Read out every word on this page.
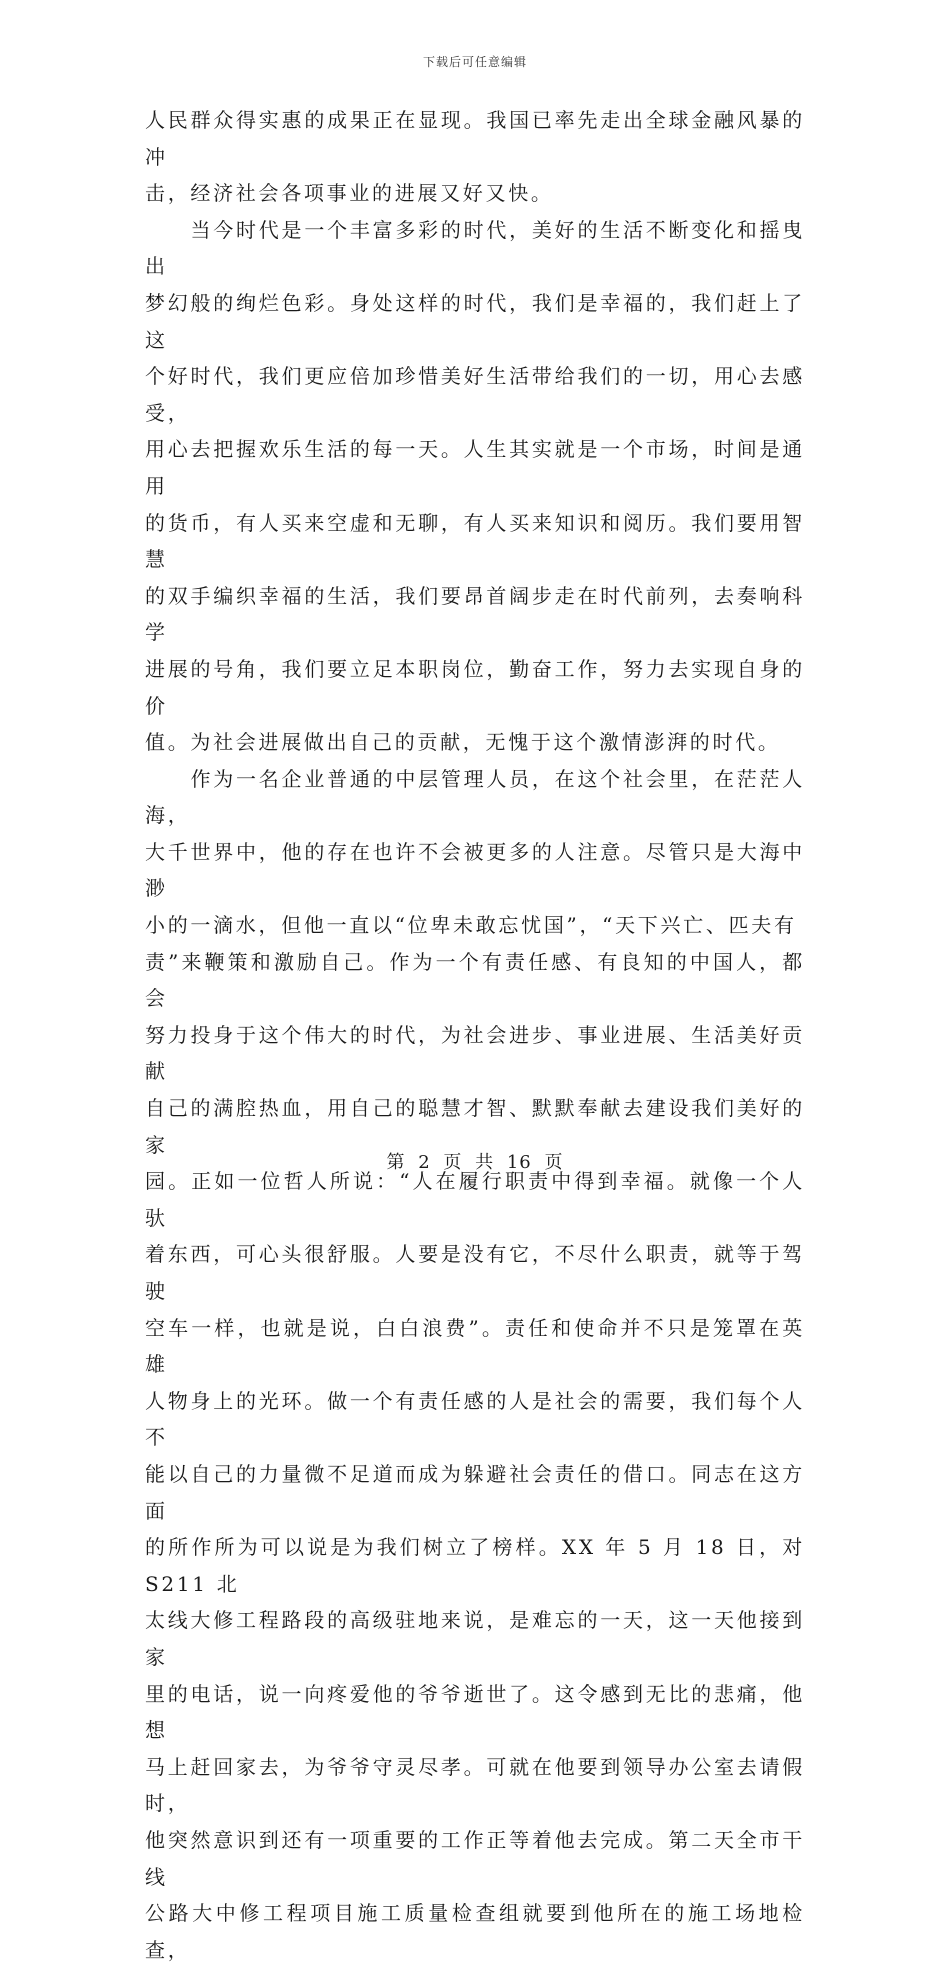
下载后可任意编辑

人民群众得实惠的成果正在显现。我国已率先走出全球金融风暴的冲
击，经济社会各项事业的进展又好又快。

　　当今时代是一个丰富多彩的时代，美好的生活不断变化和摇曳出
梦幻般的绚烂色彩。身处这样的时代，我们是幸福的，我们赶上了这
个好时代，我们更应倍加珍惜美好生活带给我们的一切，用心去感受，
用心去把握欢乐生活的每一天。人生其实就是一个市场，时间是通用
的货币，有人买来空虚和无聊，有人买来知识和阅历。我们要用智慧
的双手编织幸福的生活，我们要昂首阔步走在时代前列，去奏响科学
进展的号角，我们要立足本职岗位，勤奋工作，努力去实现自身的价
值。为社会进展做出自己的贡献，无愧于这个激情澎湃的时代。

　　作为一名企业普通的中层管理人员，在这个社会里，在茫茫人海，
大千世界中，他的存在也许不会被更多的人注意。尽管只是大海中渺
小的一滴水，但他一直以“位卑未敢忘忧国”，“天下兴亡、匹夫有
责”来鞭策和激励自己。作为一个有责任感、有良知的中国人，都会
努力投身于这个伟大的时代，为社会进步、事业进展、生活美好贡献
自己的满腔热血，用自己的聪慧才智、默默奉献去建设我们美好的家
园。正如一位哲人所说：“人在履行职责中得到幸福。就像一个人驮
着东西，可心头很舒服。人要是没有它，不尽什么职责，就等于驾驶
空车一样，也就是说，白白浪费”。责任和使命并不只是笼罩在英雄
人物身上的光环。做一个有责任感的人是社会的需要，我们每个人不
能以自己的力量微不足道而成为躲避社会责任的借口。同志在这方面
的所作所为可以说是为我们树立了榜样。XX 年 5 月 18 日，对 S211 北
太线大修工程路段的高级驻地来说，是难忘的一天，这一天他接到家
里的电话，说一向疼爱他的爷爷逝世了。这令感到无比的悲痛，他想
马上赶回家去，为爷爷守灵尽孝。可就在他要到领导办公室去请假时，
他突然意识到还有一项重要的工作正等着他去完成。第二天全市干线
公路大中修工程项目施工质量检查组就要到他所在的施工场地检查，

第 2 页 共 16 页
